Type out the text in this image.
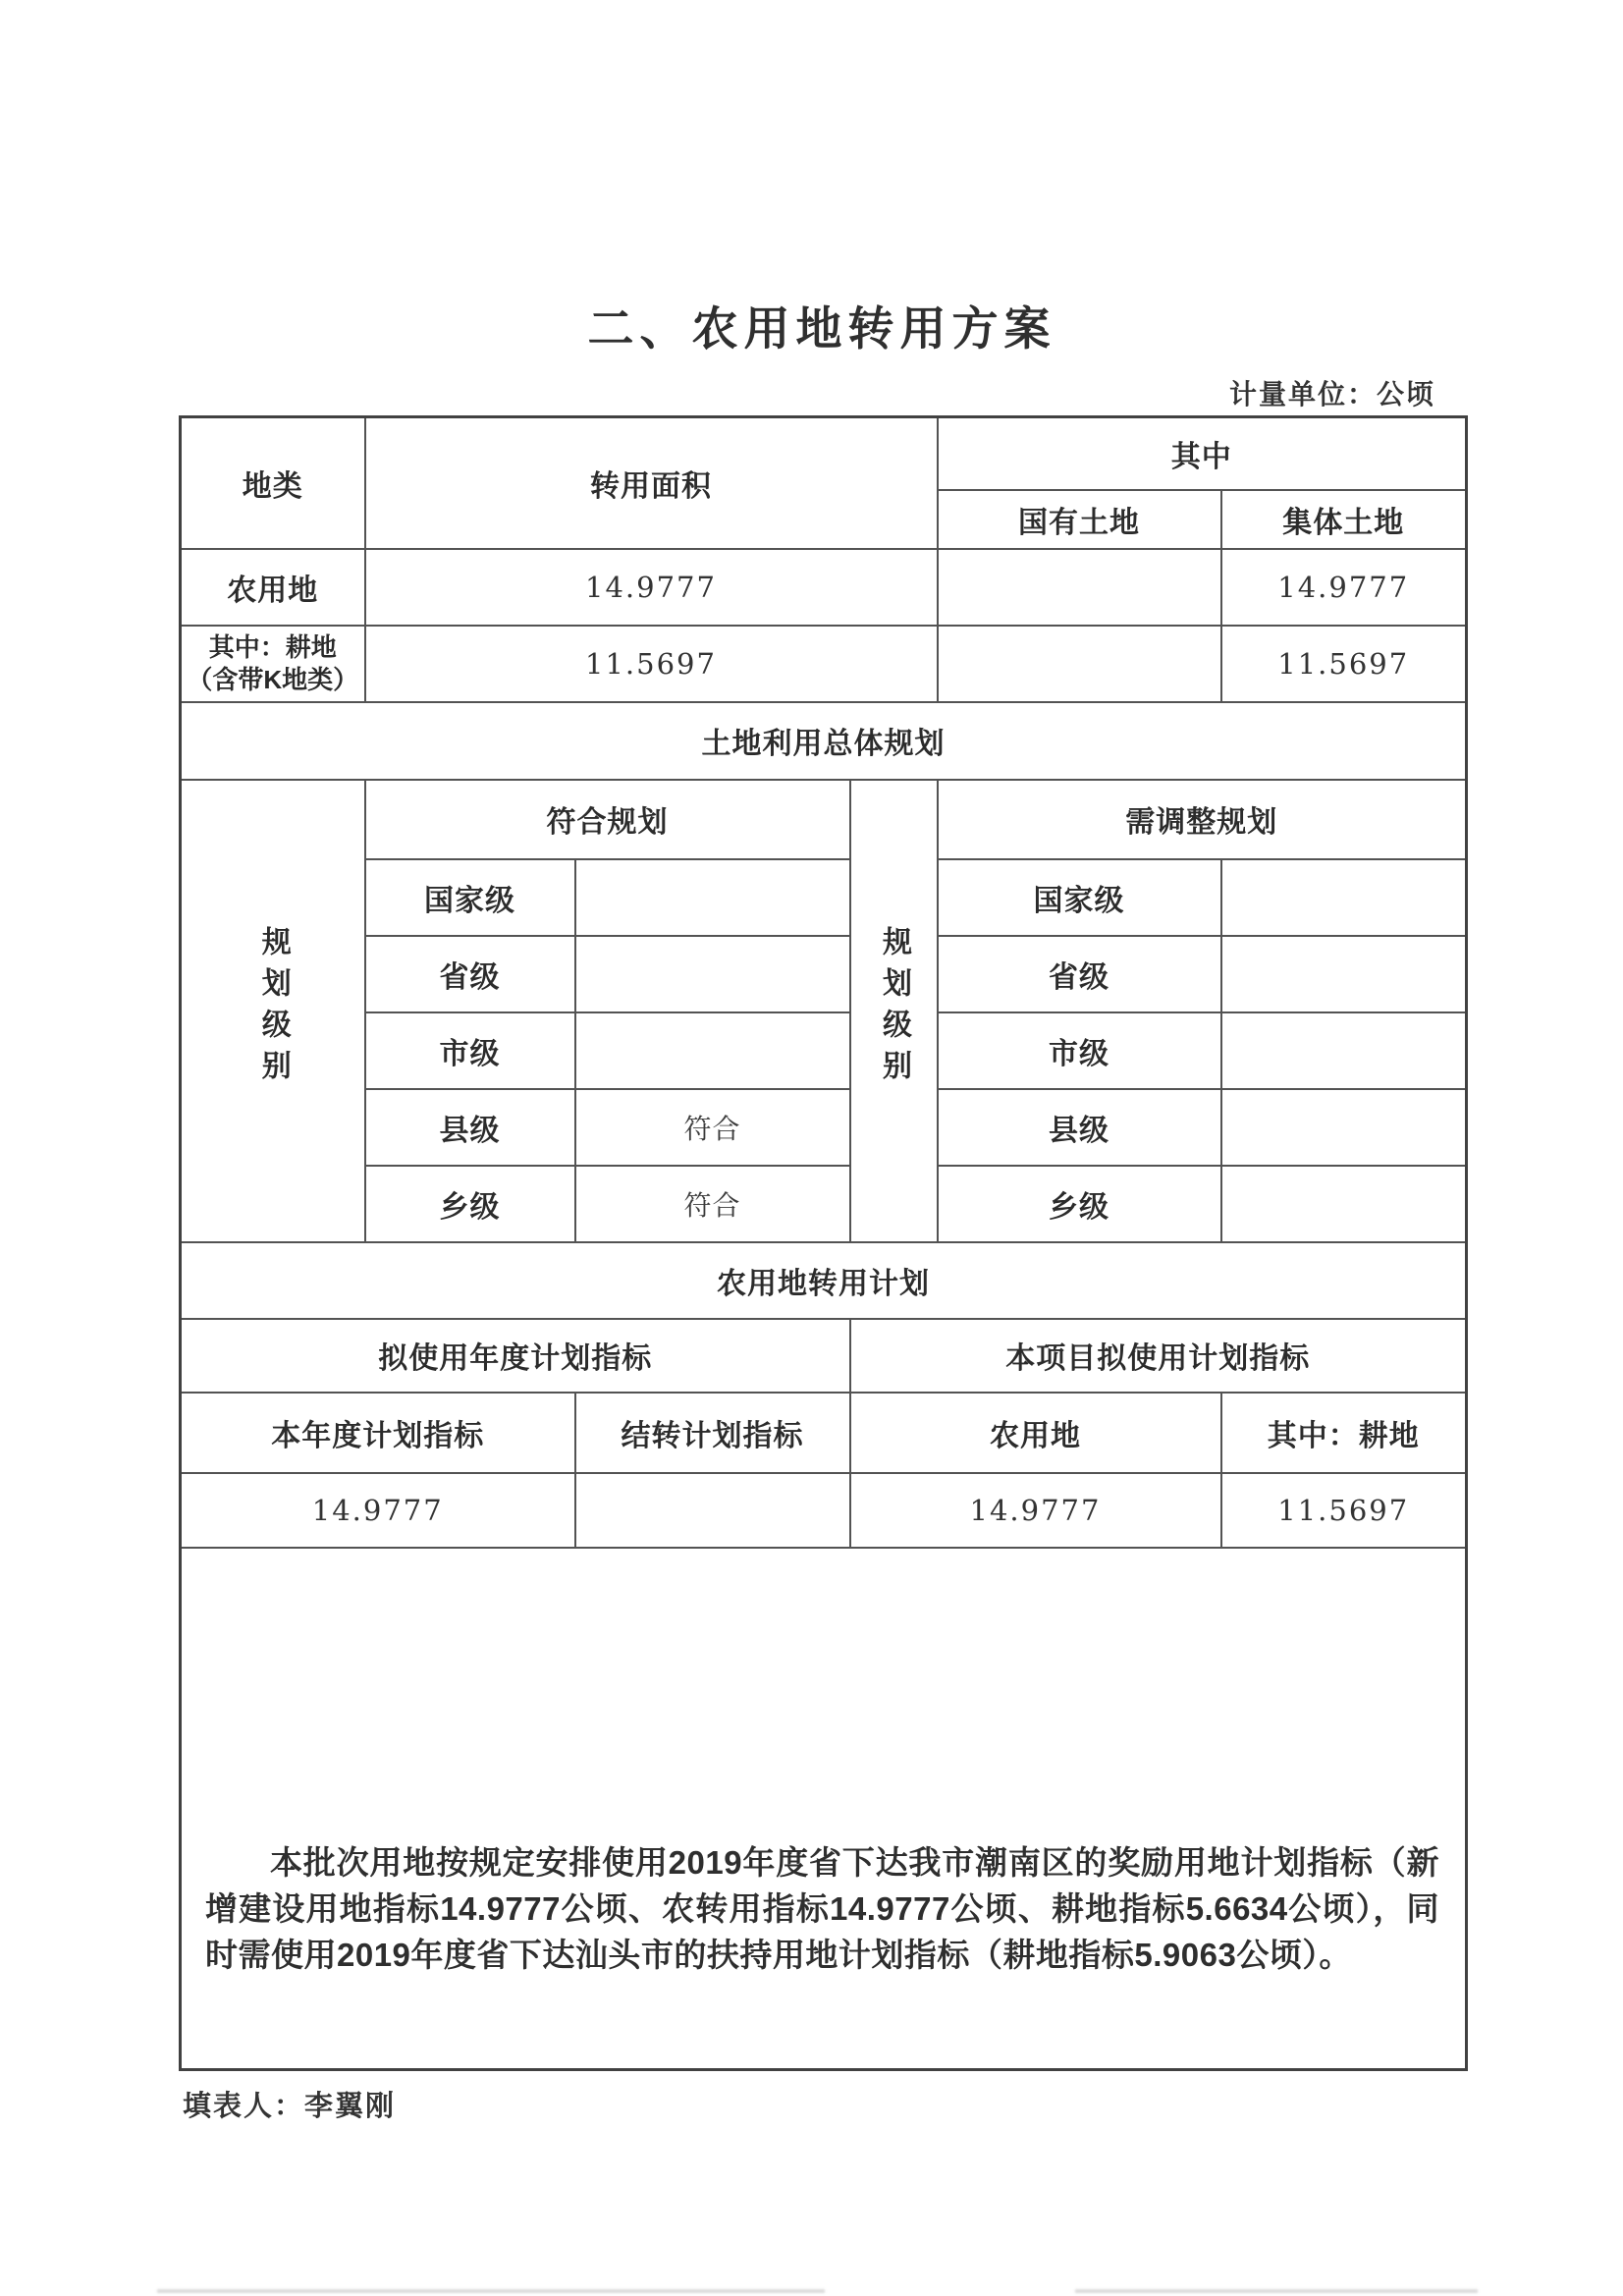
二、农用地转用方案
计量单位：公顷
地类	转用面积			其中	
				国有土地	集体土地
农用地	14.9777				14.9777

其中：耕地
（含带K地类）	11.5697				11.5697
土地利用总体规划					
规划级别	符合规划		规划级别	需调整规划	
	国家级			国家级	
	省级			省级	
	市级			市级	
	县级	符合		县级	
	乡级	符合		乡级	
农用地转用计划					
拟使用年度计划指标			本项目拟使用计划指标		
本年度计划指标		结转计划指标	农用地		其中：耕地
14.9777			14.9777		11.5697

本批次用地按规定安排使用2019年度省下达我市潮南区的奖励用地计划指标（新增建设用地指标14.9777公顷、农转用指标14.9777公顷、耕地指标5.6634公顷），同时需使用2019年度省下达汕头市的扶持用地计划指标（耕地指标5.9063公顷）。					

填表人：李翼刚
